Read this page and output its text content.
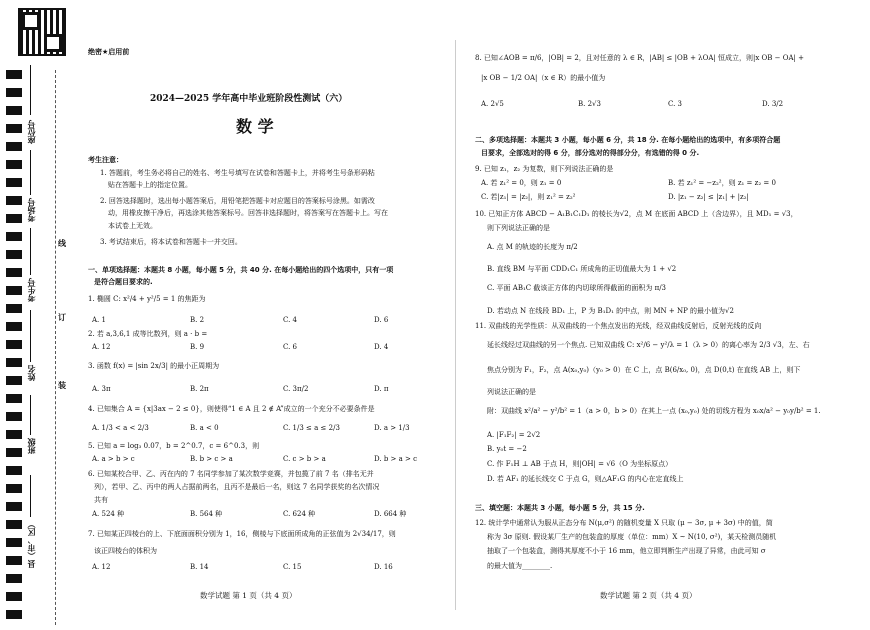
座位号
考场号
考生号
姓名
班级
县（市、区）
线
订
装
绝密★启用前
2024—2025 学年高中毕业班阶段性测试（六）
数 学
考生注意：
1. 答题前，考生务必将自己的姓名、考生号填写在试卷和答题卡上，并将考生号条形码粘
贴在答题卡上的指定位置。
2. 回答选择题时，选出每小题答案后，用铅笔把答题卡对应题目的答案标号涂黑。如需改
动，用橡皮擦干净后，再选涂其他答案标号。回答非选择题时，将答案写在答题卡上。写在
本试卷上无效。
3. 考试结束后，将本试卷和答题卡一并交回。
一、单项选择题：本题共 8 小题，每小题 5 分，共 40 分. 在每小题给出的四个选项中，只有一项
是符合题目要求的.
1. 椭圆 C: x²/4 + y²/5 = 1 的焦距为
A. 1	B. 2	C. 4	D. 6
2. 若 a,3,6,1 成等比数列，则 a · b =
A. 12	B. 9	C. 6	D. 4
3. 函数 f(x) = |sin 2x/3| 的最小正周期为
A. 3π	B. 2π	C. 3π/2	D. π
4. 已知集合 A = {x|3ax − 2 ≤ 0}，则使得“1 ∈ A 且 2 ∉ A”成立的一个充分不必要条件是
A. 1/3 < a < 2/3	B. a < 0	C. 1/3 ≤ a ≤ 2/3	D. a > 1/3
5. 已知 a = log₃ 0.07，b = 2^0.7，c = 6^0.3，则
A. a > b > c	B. b > c > a	C. c > b > a	D. b > a > c
6. 已知某校合甲、乙、丙在内的 7 名同学参加了某次数学竞赛，并包揽了前 7 名（排名无并
列），若甲、乙、丙中的两人占据前两名，且丙不是最后一名，则这 7 名同学获奖的名次情况
共有
A. 524 种	B. 564 种	C. 624 种	D. 664 种
7. 已知某正四棱台的上、下底面面积分别为 1，16，侧棱与下底面所成角的正弦值为 2√34/17，则
该正四棱台的体积为
A. 12	B. 14	C. 15	D. 16
数学试题 第 1 页（共 4 页）
8. 已知∠AOB = π/6，|OB| = 2，且对任意的 λ ∈ R，|AB| ≤ |OB + λOA| 恒成立，则|x OB − OA| +
|x OB − 1/2 OA|（x ∈ R）的最小值为
A. 2√5	B. 2√3	C. 3	D. 3/2
二、多项选择题：本题共 3 小题，每小题 6 分，共 18 分. 在每小题给出的选项中，有多项符合题
目要求，全部选对的得 6 分，部分选对的得部分分，有选错的得 0 分.
9. 已知 z₁，z₂ 为复数，则下列说法正确的是
A. 若 z₁² = 0，则 z₁ = 0	B. 若 z₁² = −z₂²，则 z₁ = z₂ = 0
C. 若|z₁| = |z₂|，则 z₁² = z₂²	D. |z₁ − z₂| ≤ |z₁| + |z₂|
10. 已知正方体 ABCD − A₁B₁C₁D₁ 的棱长为√2，点 M 在底面 ABCD 上（含边界），且 MD₁ = √3，
则下列说法正确的是
A. 点 M 的轨迹的长度为 π/2
B. 直线 BM 与平面 CDD₁C₁ 所成角的正切值最大为 1 + √2
C. 平面 AB₁C 截该正方体的内切球所得截面的面积为 π/3
D. 若动点 N 在线段 BD₁ 上，P 为 B₁D₁ 的中点，则 MN + NP 的最小值为√2
11. 双曲线的光学性质：从双曲线的一个焦点发出的光线，经双曲线反射后，反射光线的反向
延长线经过双曲线的另一个焦点. 已知双曲线 C: x²/6 − y²/λ = 1（λ > 0）的离心率为 2/3 √3，左、右
焦点分别为 F₁，F₂，点 A(x₀,y₀)（y₀ > 0）在 C 上，点 B(6/x₀, 0)，点 D(0,t) 在直线 AB 上，则下
列说法正确的是
附：双曲线 x²/a² − y²/b² = 1（a > 0，b > 0）在其上一点 (x₀,y₀) 处的切线方程为 x₀x/a² − y₀y/b² = 1.
A. |F₁F₂| = 2√2
B. y₀t = −2
C. 作 F₁H ⊥ AB 于点 H，则|OH| = √6（O 为坐标原点）
D. 若 AF₁ 的延长线交 C 于点 G，则△AF₁G 的内心在定直线上
三、填空题：本题共 3 小题，每小题 5 分，共 15 分.
12. 统计学中通常认为服从正态分布 N(μ,σ²) 的随机变量 X 只取 (μ − 3σ, μ + 3σ) 中的值，简
称为 3σ 原则. 假设某厂生产的包装盒的厚度（单位：mm）X ~ N(10, σ²)，某天检测员随机
抽取了一个包装盒，测得其厚度不小于 16 mm，他立即判断生产出现了异常，由此可知 σ
的最大值为________.
数学试题 第 2 页（共 4 页）
